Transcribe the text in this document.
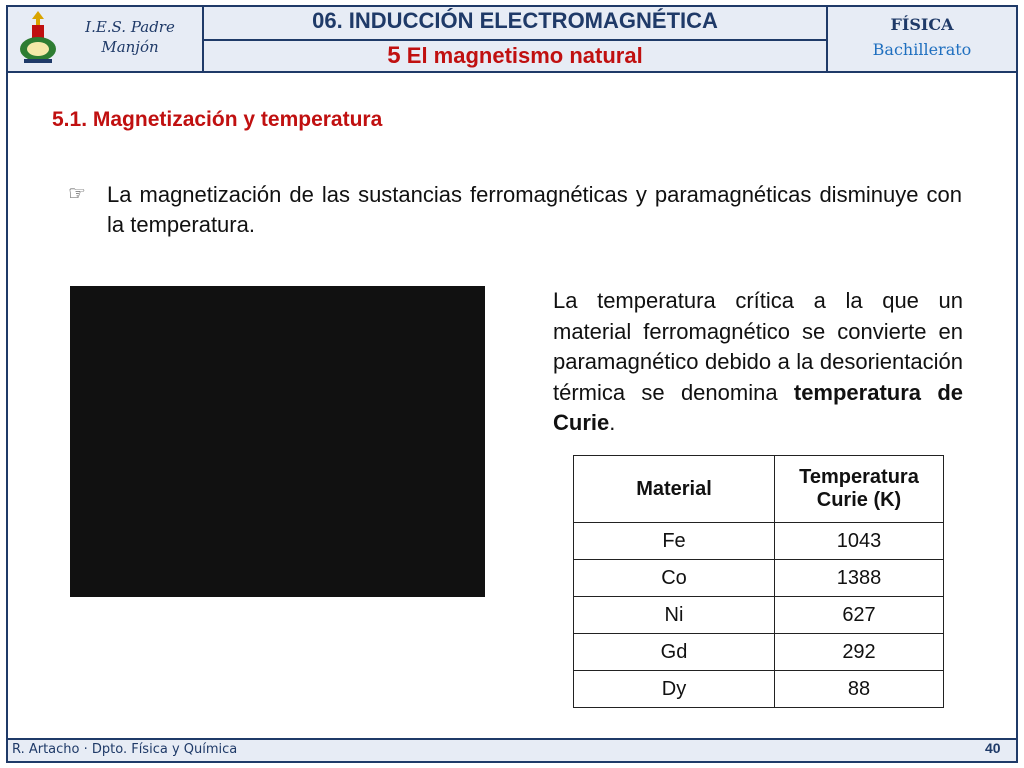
I.E.S. Padre Manjón
06. INDUCCIÓN ELECTROMAGNÉTICA
5 El magnetismo natural
FÍSICA
Bachillerato
5.1. Magnetización y temperatura
☞ La magnetización de las sustancias ferromagnéticas y paramagnéticas disminuye con la temperatura.
La temperatura crítica a la que un material ferromagnético se convierte en paramagnético debido a la desorientación térmica se denomina temperatura de Curie.
Material	Temperatura Curie (K)
Fe	1043
Co	1388
Ni	627
Gd	292
Dy	88
R. Artacho · Dpto. Física y Química	40
